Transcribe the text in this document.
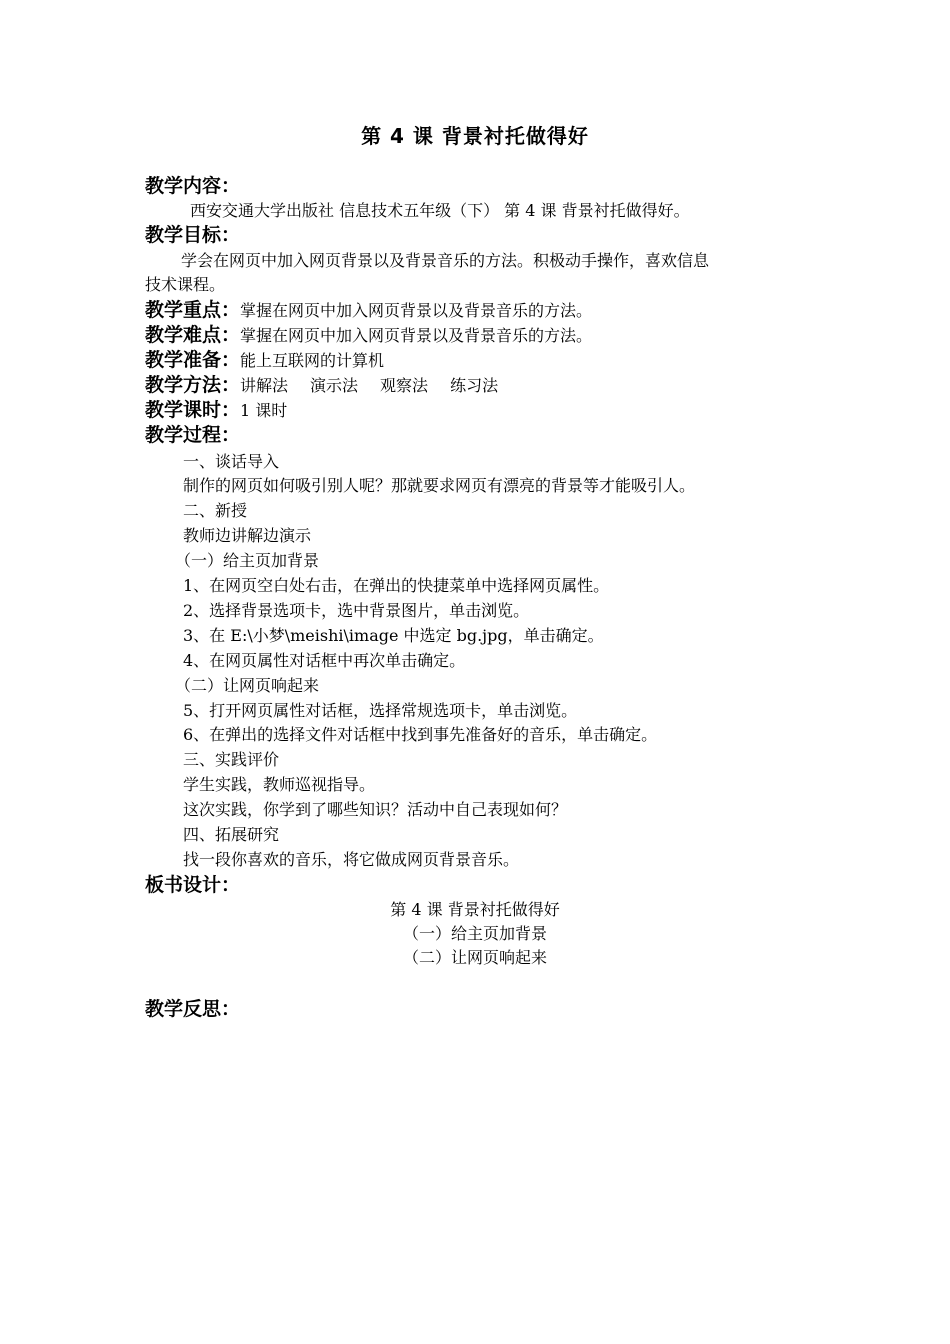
第 4 课 背景衬托做得好
教学内容：
西安交通大学出版社 信息技术五年级（下） 第 4 课 背景衬托做得好。
教学目标：
学会在网页中加入网页背景以及背景音乐的方法。积极动手操作，喜欢信息
技术课程。
教学重点：掌握在网页中加入网页背景以及背景音乐的方法。
教学难点：掌握在网页中加入网页背景以及背景音乐的方法。
教学准备：能上互联网的计算机
教学方法：讲解法 演示法 观察法 练习法
教学课时：1 课时
教学过程：
一、谈话导入
制作的网页如何吸引别人呢？那就要求网页有漂亮的背景等才能吸引人。
二、新授
教师边讲解边演示
（一）给主页加背景
1、在网页空白处右击，在弹出的快捷菜单中选择网页属性。
2、选择背景选项卡，选中背景图片，单击浏览。
3、在 E:\小梦\meishi\image 中选定 bg.jpg，单击确定。
4、在网页属性对话框中再次单击确定。
（二）让网页响起来
5、打开网页属性对话框，选择常规选项卡，单击浏览。
6、在弹出的选择文件对话框中找到事先准备好的音乐，单击确定。
三、实践评价
学生实践，教师巡视指导。
这次实践，你学到了哪些知识？活动中自己表现如何？
四、拓展研究
找一段你喜欢的音乐，将它做成网页背景音乐。
板书设计：
第 4 课 背景衬托做得好
（一）给主页加背景
（二）让网页响起来
教学反思：
